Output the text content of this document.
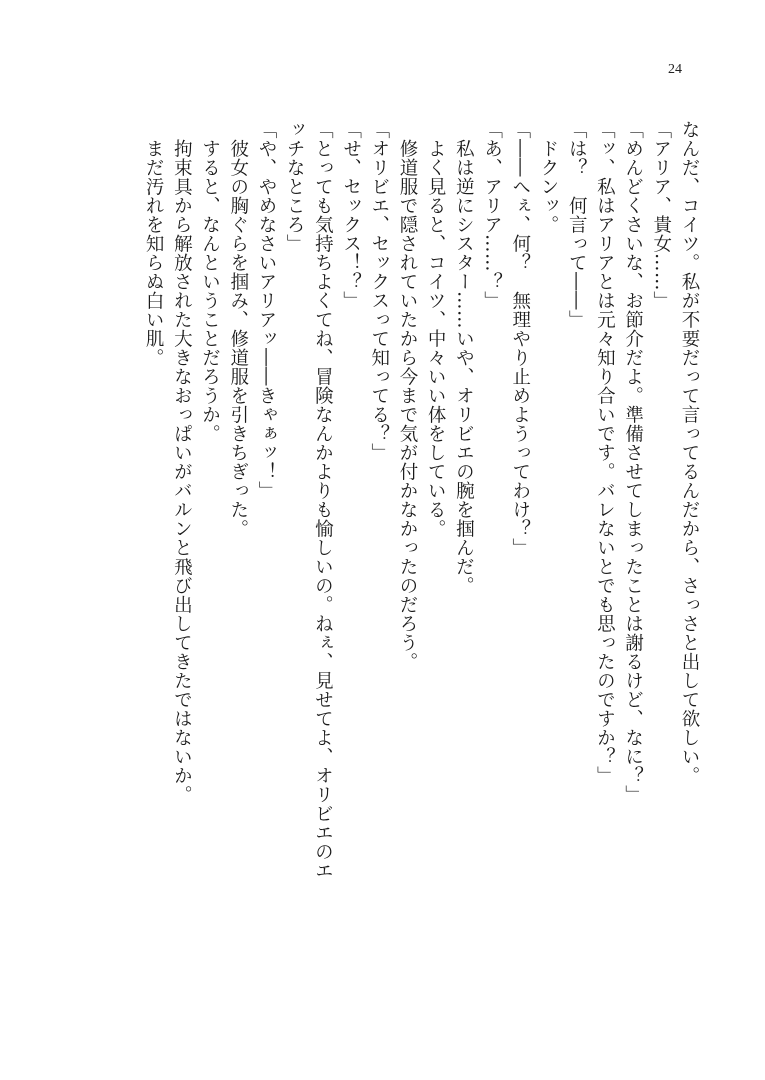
24
なんだ、コイツ。私が不要だって言ってるんだから、さっさと出して欲しい。
「アリア、貴女……」
「めんどくさいな、お節介だよ。準備させてしまったことは謝るけど、なに？」
「ッ、私はアリアとは元々知り合いです。バレないとでも思ったのですか？」
「は？　何言って――」
　ドクンッ。
「――へぇ、何？　無理やり止めようってわけ？」
「あ、アリア……？」
　私は逆にシスター……いや、オリビエの腕を掴んだ。
　よく見ると、コイツ、中々いい体をしている。
　修道服で隠されていたから今まで気が付かなかったのだろう。
「オリビエ、セックスって知ってる？」
「せ、セックス！？」
「とっても気持ちよくてね、冒険なんかよりも愉しいの。ねぇ、見せてよ、オリビエのエ
ッチなところ」
「や、やめなさいアリアッ――きゃぁッ！」
　彼女の胸ぐらを掴み、修道服を引きちぎった。
　すると、なんということだろうか。
　拘束具から解放された大きなおっぱいがバルンと飛び出してきたではないか。
　まだ汚れを知らぬ白い肌。
